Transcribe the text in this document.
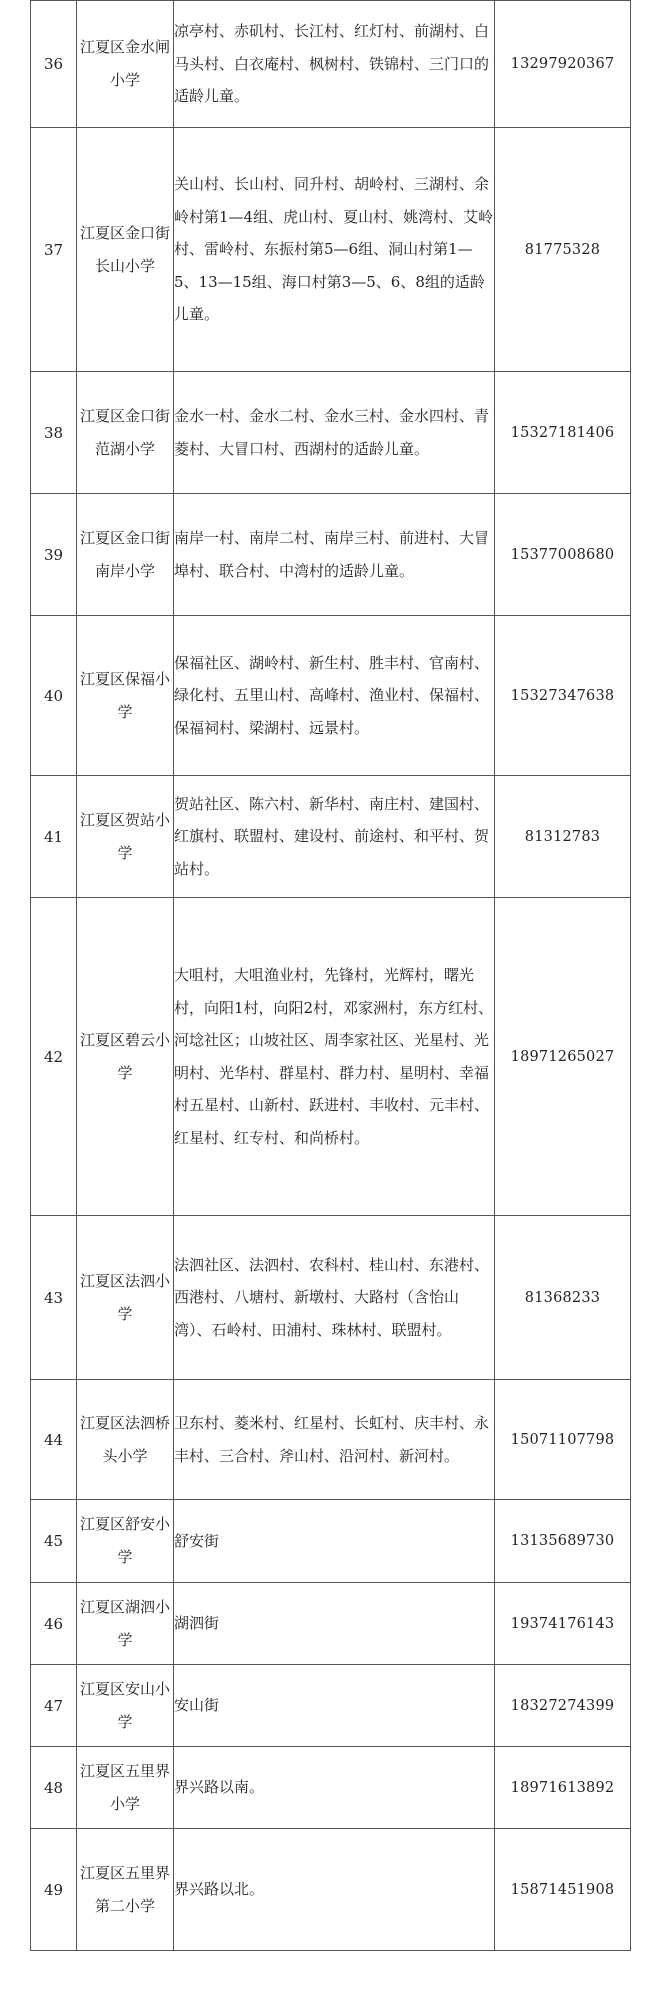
36	江夏区金水闸小学	凉亭村、赤矶村、长江村、红灯村、前湖村、白马头村、白衣庵村、枫树村、铁锦村、三门口的适龄儿童。	13297920367
37	江夏区金口街长山小学	关山村、长山村、同升村、胡岭村、三湖村、余岭村第1—4组、虎山村、夏山村、姚湾村、艾岭村、雷岭村、东振村第5—6组、洞山村第1—5、13—15组、海口村第3—5、6、8组的适龄儿童。	81775328
38	江夏区金口街范湖小学	金水一村、金水二村、金水三村、金水四村、青菱村、大冒口村、西湖村的适龄儿童。	15327181406
39	江夏区金口街南岸小学	南岸一村、南岸二村、南岸三村、前进村、大冒埠村、联合村、中湾村的适龄儿童。	15377008680
40	江夏区保福小学	保福社区、湖岭村、新生村、胜丰村、官南村、绿化村、五里山村、高峰村、渔业村、保福村、保福祠村、梁湖村、远景村。	15327347638
41	江夏区贺站小学	贺站社区、陈六村、新华村、南庄村、建国村、红旗村、联盟村、建设村、前途村、和平村、贺站村。	81312783
42	江夏区碧云小学	大咀村，大咀渔业村，先锋村，光辉村，曙光村，向阳1村，向阳2村，邓家洲村，东方红村、河埝社区；山坡社区、周李家社区、光星村、光明村、光华村、群星村、群力村、星明村、幸福村五星村、山新村、跃进村、丰收村、元丰村、红星村、红专村、和尚桥村。	18971265027
43	江夏区法泗小学	法泗社区、法泗村、农科村、桂山村、东港村、西港村、八塘村、新墩村、大路村（含怡山湾）、石岭村、田浦村、珠林村、联盟村。	81368233
44	江夏区法泗桥头小学	卫东村、菱米村、红星村、长虹村、庆丰村、永丰村、三合村、斧山村、沿河村、新河村。	15071107798
45	江夏区舒安小学	舒安街	13135689730
46	江夏区湖泗小学	湖泗街	19374176143
47	江夏区安山小学	安山街	18327274399
48	江夏区五里界小学	界兴路以南。	18971613892
49	江夏区五里界第二小学	界兴路以北。	15871451908
